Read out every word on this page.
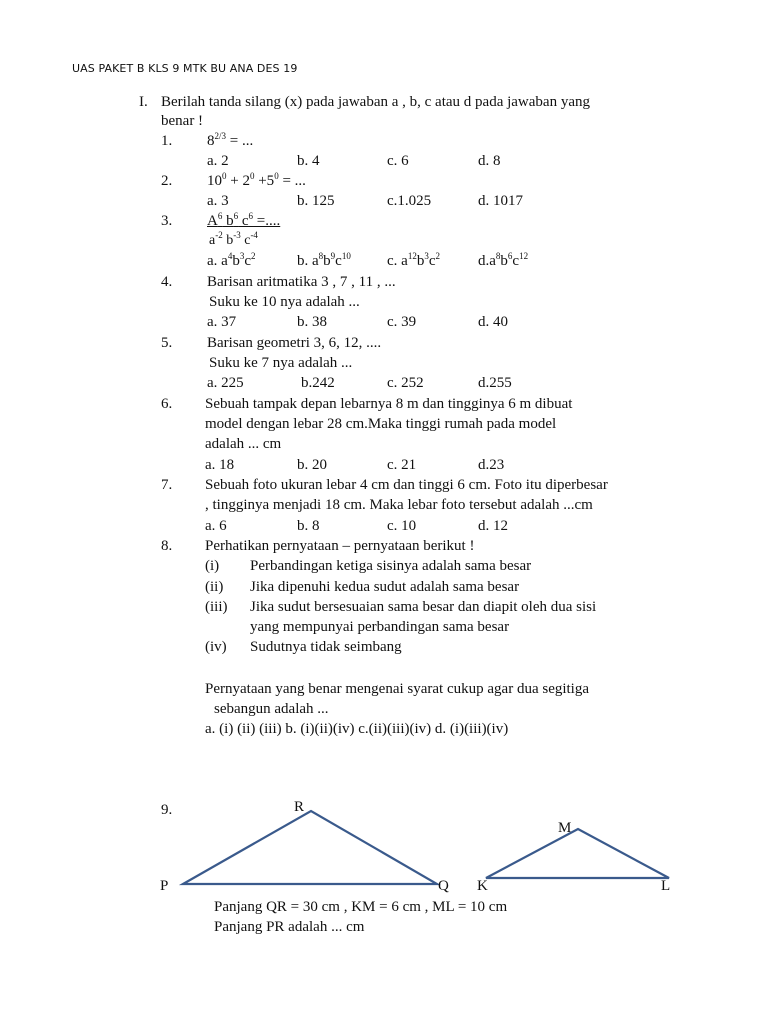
UAS PAKET B KLS 9 MTK BU ANA DES 19
I. Berilah tanda silang (x) pada jawaban a , b, c atau d pada jawaban yang
benar !
1. $8^{2/3}$ = ...
a. 2	b. 4	c. 6	d. 8
2. $10^0 + 2^0 +5^0$ = ...
a. 3	b. 125	c.1.025	d. 1017
3. $A^6$ $b^6$ $c^6$ =....
$a^{-2}$ $b^{-3}$ $c^{-4}$
a. $a^4b^3c^2$	b. $a^8b^9c^{10}$ c. $a^{12}b^3c^2$	$d.a^8b^6c^{12}$
4. Barisan aritmatika 3 , 7 , 11 , ...
Suku ke 10 nya adalah ...
a. 37	b. 38	c. 39	d. 40
5. Barisan geometri 3, 6, 12, ....
Suku ke 7 nya adalah ...
a. 225	b.242	c. 252	d.255
6. Sebuah tampak depan lebarnya 8 m dan tingginya 6 m dibuat
model dengan lebar 28 cm.Maka tinggi rumah pada model
adalah ... cm
a. 18	b. 20	c. 21	d.23
7. Sebuah foto ukuran lebar 4 cm dan tinggi 6 cm. Foto itu diperbesar
, tingginya menjadi 18 cm. Maka lebar foto tersebut adalah ...cm
a. 6	b. 8	c. 10	d. 12
8. Perhatikan pernyataan – pernyataan berikut !
(i) Perbandingan ketiga sisinya adalah sama besar
(ii) Jika dipenuhi kedua sudut adalah sama besar
(iii) Jika sudut bersesuaian sama besar dan diapit oleh dua sisi
yang mempunyai perbandingan sama besar
(iv) Sudutnya tidak seimbang
Pernyataan yang benar mengenai syarat cukup agar dua segitiga
sebangun adalah ...
a. (i) (ii) (iii) b. (i)(ii)(iv) c.(ii)(iii)(iv) d. (i)(iii)(iv)
9.	R
P	Q
M
K	L
Panjang QR = 30 cm , KM = 6 cm , ML = 10 cm
Panjang PR adalah ... cm
